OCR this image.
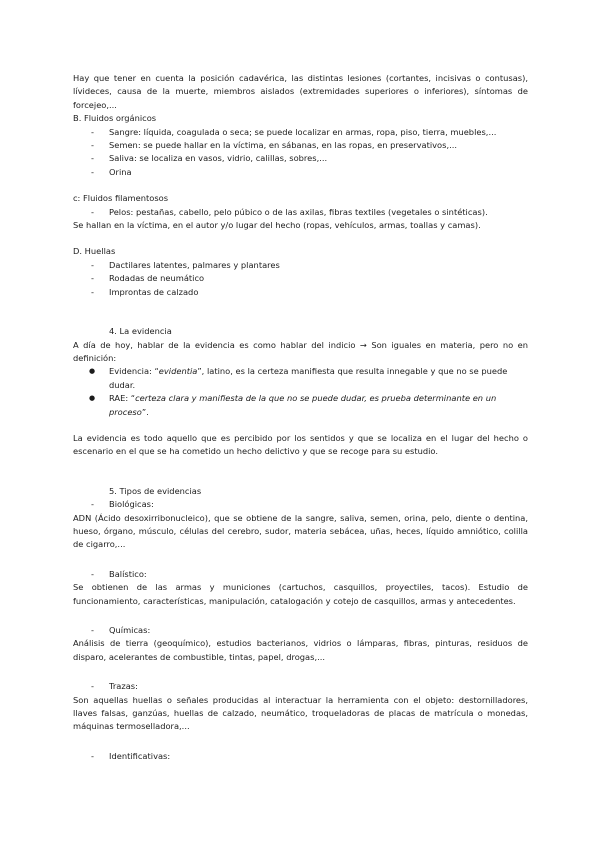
Hay que tener en cuenta la posición cadavérica, las distintas lesiones (cortantes, incisivas o contusas), lívideces, causa de la muerte, miembros aislados (extremidades superiores o inferiores), síntomas de forcejeo,...

B. Fluidos orgánicos

- Sangre: líquida, coagulada o seca; se puede localizar en armas, ropa, piso, tierra, muebles,...
- Semen: se puede hallar en la víctima, en sábanas, en las ropas, en preservativos,...
- Saliva: se localiza en vasos, vidrio, calillas, sobres,...
- Orina

c: Fluidos filamentosos

- Pelos: pestañas, cabello, pelo púbico o de las axilas, fibras textiles (vegetales o sintéticas).

Se hallan en la víctima, en el autor y/o lugar del hecho (ropas, vehículos, armas, toallas y camas).

D. Huellas

- Dactilares latentes, palmares y plantares
- Rodadas de neumático
- Improntas de calzado

4. La evidencia

A día de hoy, hablar de la evidencia es como hablar del indicio → Son iguales en materia, pero no en definición:

● Evidencia: “evidentia”, latino, es la certeza manifiesta que resulta innegable y que no se puede dudar.
● RAE: “certeza clara y manifiesta de la que no se puede dudar, es prueba determinante en un proceso”.

La evidencia es todo aquello que es percibido por los sentidos y que se localiza en el lugar del hecho o escenario en el que se ha cometido un hecho delictivo y que se recoge para su estudio.

5. Tipos de evidencias

- Biológicas:

ADN (Ácido desoxirribonucleico), que se obtiene de la sangre, saliva, semen, orina, pelo, diente o dentina, hueso, órgano, músculo, células del cerebro, sudor, materia sebácea, uñas, heces, líquido amniótico, colilla de cigarro,...

- Balístico:

Se obtienen de las armas y municiones (cartuchos, casquillos, proyectiles, tacos). Estudio de funcionamiento, características, manipulación, catalogación y cotejo de casquillos, armas y antecedentes.

- Químicas:

Análisis de tierra (geoquímico), estudios bacterianos, vidrios o lámparas, fibras, pinturas, residuos de disparo, acelerantes de combustible, tintas, papel, drogas,...

- Trazas:

Son aquellas huellas o señales producidas al interactuar la herramienta con el objeto: destornilladores, llaves falsas, ganzúas, huellas de calzado, neumático, troqueladoras de placas de matrícula o monedas, máquinas termoselladora,...

- Identificativas:
